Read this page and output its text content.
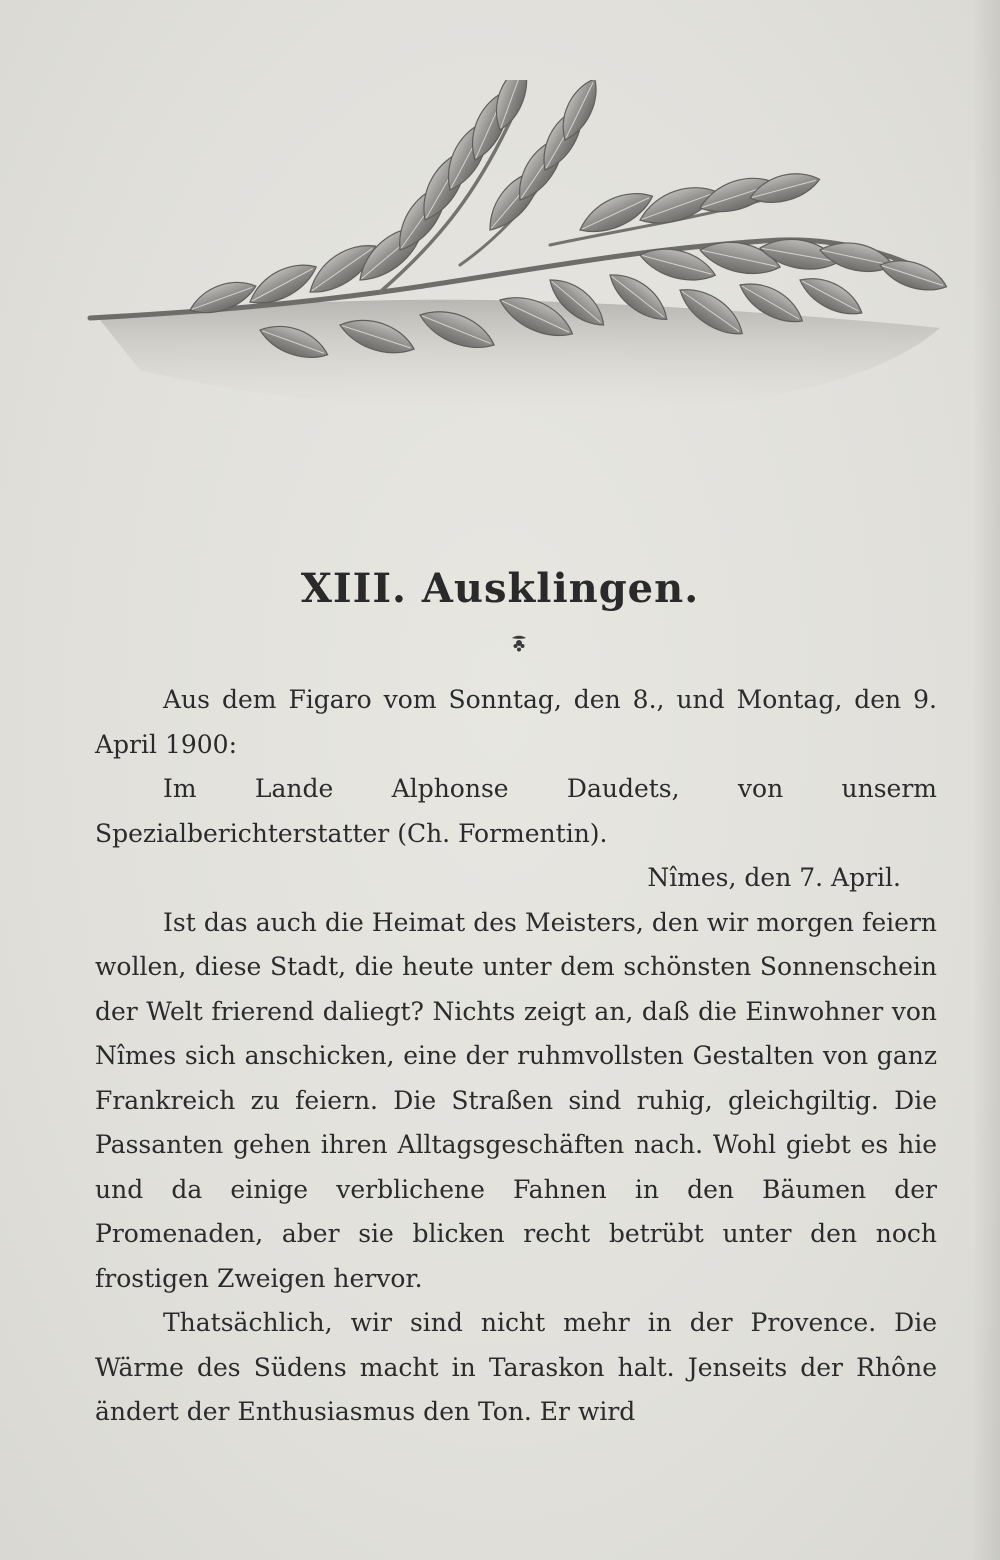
XIII. Ausklingen.

Aus dem Figaro vom Sonntag, den 8., und Montag, den 9. April 1900:

Im Lande Alphonse Daudets, von unserm Spezialberichterstatter (Ch. Formentin).

Nîmes, den 7. April.

Ist das auch die Heimat des Meisters, den wir morgen feiern wollen, diese Stadt, die heute unter dem schönsten Sonnenschein der Welt frierend daliegt? Nichts zeigt an, daß die Einwohner von Nîmes sich anschicken, eine der ruhmvollsten Gestalten von ganz Frankreich zu feiern. Die Straßen sind ruhig, gleichgiltig. Die Passanten gehen ihren Alltagsgeschäften nach. Wohl giebt es hie und da einige verblichene Fahnen in den Bäumen der Promenaden, aber sie blicken recht betrübt unter den noch frostigen Zweigen hervor.

Thatsächlich, wir sind nicht mehr in der Provence. Die Wärme des Südens macht in Taraskon halt. Jenseits der Rhône ändert der Enthusiasmus den Ton. Er wird
